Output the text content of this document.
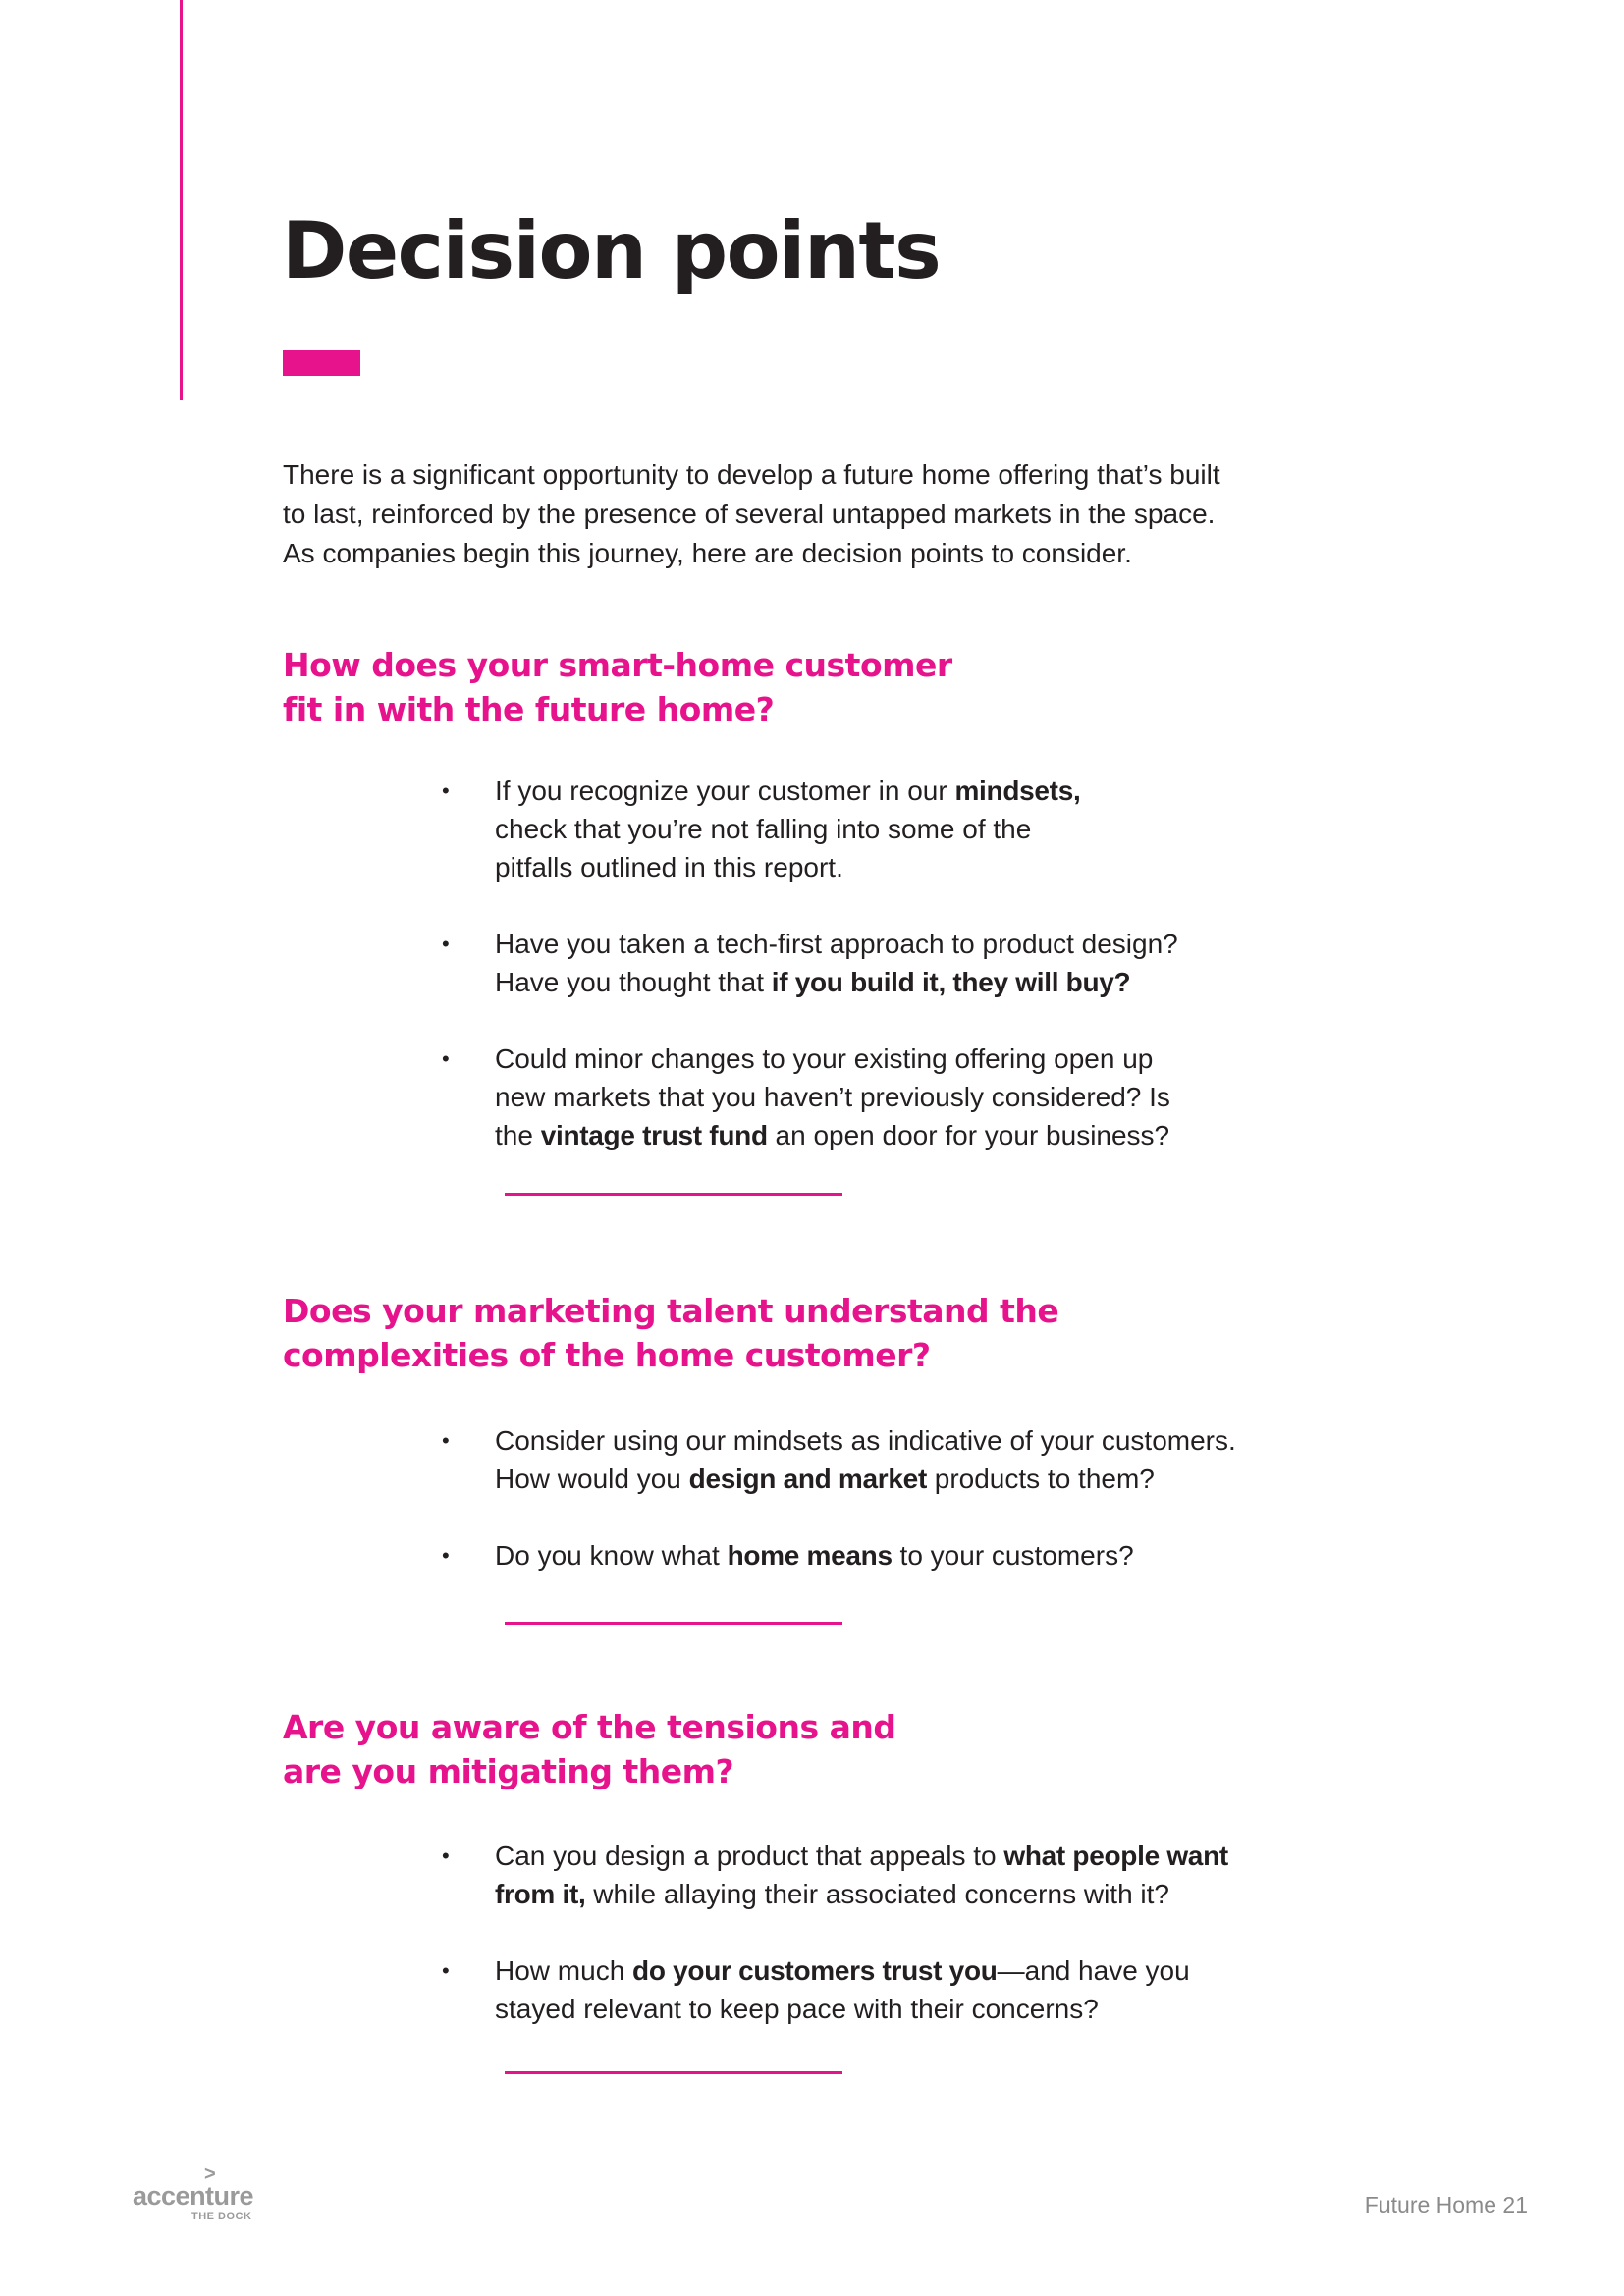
Decision points

There is a significant opportunity to develop a future home offering that’s built
to last, reinforced by the presence of several untapped markets in the space.
As companies begin this journey, here are decision points to consider.

How does your smart-home customer
fit in with the future home?
• If you recognize your customer in our mindsets,
check that you’re not falling into some of the
pitfalls outlined in this report.
• Have you taken a tech-first approach to product design?
Have you thought that if you build it, they will buy?
• Could minor changes to your existing offering open up
new markets that you haven’t previously considered? Is
the vintage trust fund an open door for your business?
Does your marketing talent understand the
complexities of the home customer?
• Consider using our mindsets as indicative of your customers.
How would you design and market products to them?
• Do you know what home means to your customers?
Are you aware of the tensions and
are you mitigating them?
• Can you design a product that appeals to what people want
from it, while allaying their associated concerns with it?
• How much do your customers trust you—and have you
stayed relevant to keep pace with their concerns?
>
accenture
THE DOCK	Future Home 21
